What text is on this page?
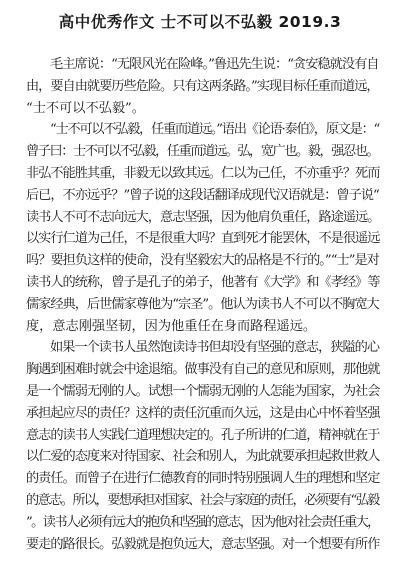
高中优秀作文 士不可以不弘毅 2019.3
毛主席说：“无限风光在险峰。”鲁迅先生说：“贪安稳就没有自
由，要自由就要历些危险。只有这两条路。”实现目标任重而道远，
“士不可以不弘毅”。
“士不可以不弘毅，任重而道远。”语出《论语·泰伯》，原文是：“
曾子曰：士不可以不弘毅，任重而道远。弘，宽广也。毅，强忍也。
非弘不能胜其重，非毅无以致其远。仁以为己任，不亦重乎？死而
后已，不亦远乎？”曾子说的这段话翻译成现代汉语就是：曾子说“
读书人不可不志向远大，意志坚强，因为他肩负重任，路途遥远。
以实行仁道为己任，不是很重大吗？直到死才能罢休，不是很遥远
吗？要担负这样的使命，没有坚毅宏大的品格是不行的。”“士”是对
读书人的统称，曾子是孔子的弟子，他著有《大学》和《孝经》等
儒家经典，后世儒家尊他为“宗圣”。他认为读书人不可以不胸宽大
度，意志刚强坚韧，因为他重任在身而路程遥远。
如果一个读书人虽然饱读诗书但却没有坚强的意志，狭隘的心
胸遇到困难时就会中途退缩。做事没有自己的意见和原则，那他就
是一个懦弱无刚的人。试想一个懦弱无刚的人怎能为国家，为社会
承担起应尽的责任？这样的责任沉重而久远，这是由心中怀着坚强
意志的读书人实践仁道理想决定的。孔子所讲的仁道，精神就在于
以仁爱的态度来对待国家、社会和别人，为此就要承担起救世救人
的责任。而曾子在进行仁德教育的同时特别强调人生的理想和坚定
的意志。所以，要想承担对国家、社会与家庭的责任，必须要有“弘毅
”。读书人必须有远大的抱负和坚强的意志，因为他对社会责任重大，
要走的路很长。弘毅就是抱负远大，意志坚强。对一个想要有所作
